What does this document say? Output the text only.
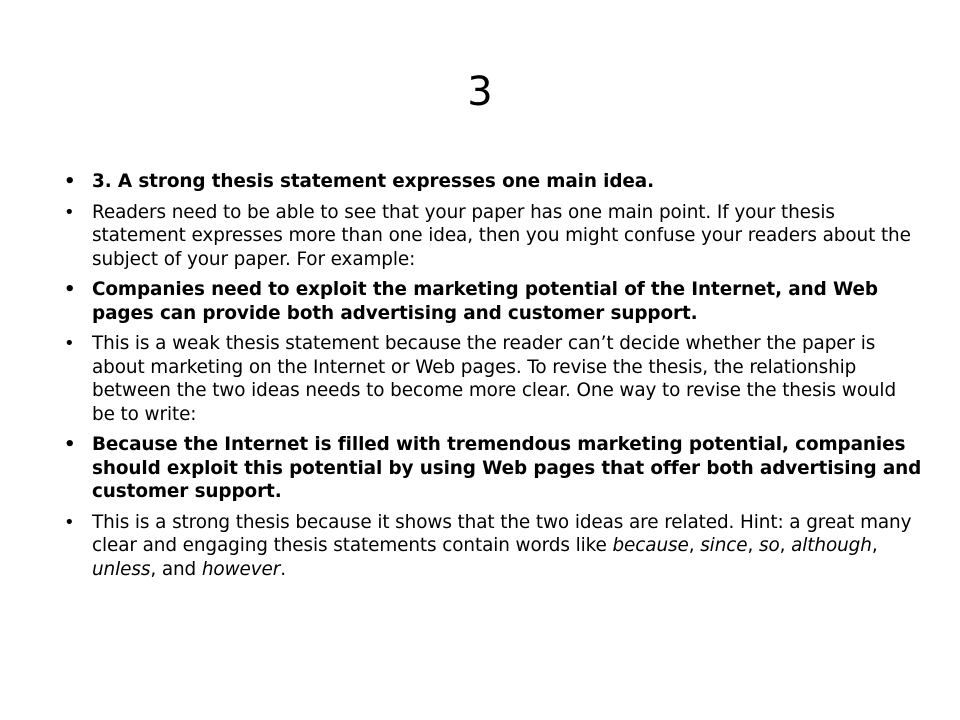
3
• 3. A strong thesis statement expresses one main idea.
• Readers need to be able to see that your paper has one main point. If your thesis statement expresses more than one idea, then you might confuse your readers about the subject of your paper. For example:
• Companies need to exploit the marketing potential of the Internet, and Web pages can provide both advertising and customer support.
• This is a weak thesis statement because the reader can’t decide whether the paper is about marketing on the Internet or Web pages. To revise the thesis, the relationship between the two ideas needs to become more clear. One way to revise the thesis would be to write:
• Because the Internet is filled with tremendous marketing potential, companies should exploit this potential by using Web pages that offer both advertising and customer support.
• This is a strong thesis because it shows that the two ideas are related. Hint: a great many clear and engaging thesis statements contain words like because, since, so, although, unless, and however.
